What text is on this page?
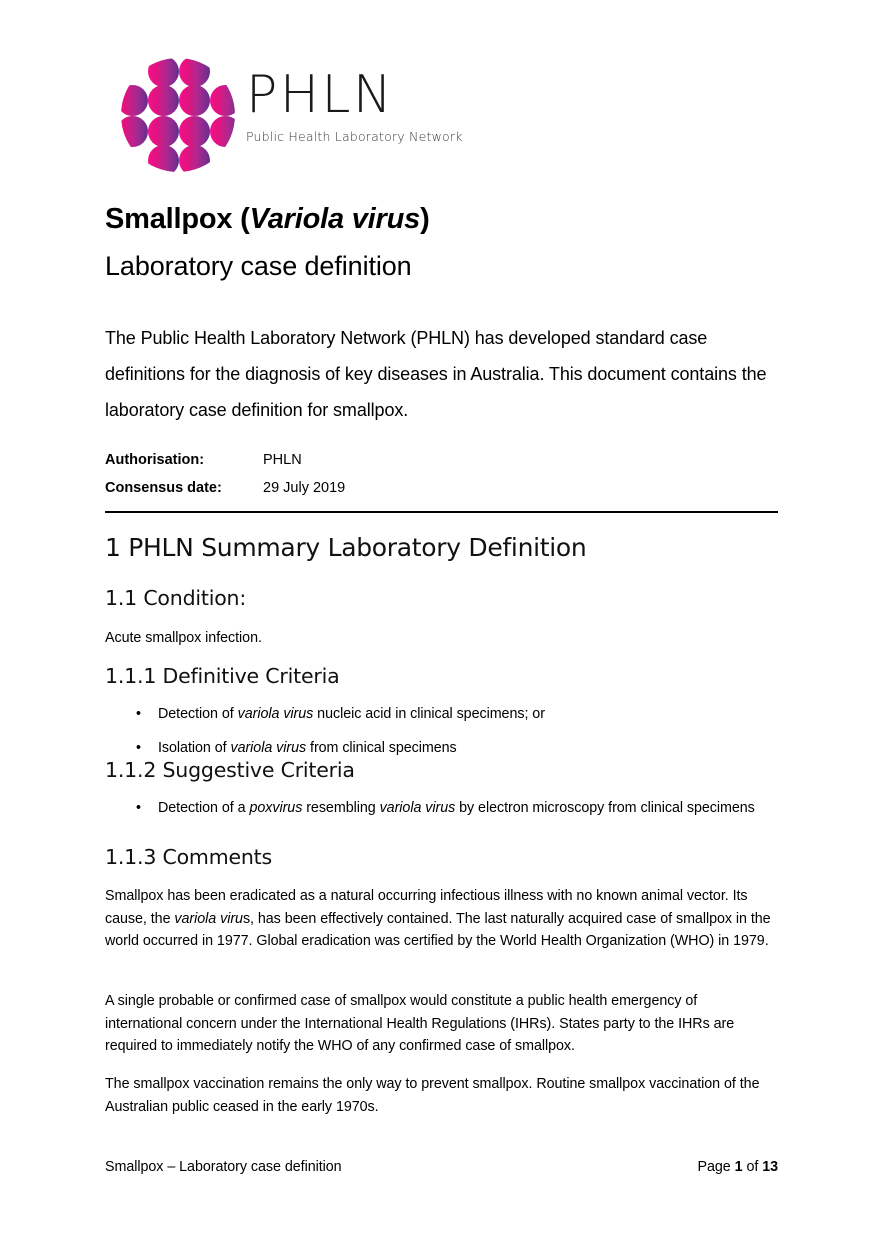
PHLN
Public Health Laboratory Network
Smallpox (Variola virus)
Laboratory case definition
The Public Health Laboratory Network (PHLN) has developed standard case definitions for the diagnosis of key diseases in Australia. This document contains the laboratory case definition for smallpox.
Authorisation:	PHLN
Consensus date:	29 July 2019
1 PHLN Summary Laboratory Definition
1.1 Condition:
Acute smallpox infection.
1.1.1 Definitive Criteria
• Detection of variola virus nucleic acid in clinical specimens; or
• Isolation of variola virus from clinical specimens
1.1.2 Suggestive Criteria
• Detection of a poxvirus resembling variola virus by electron microscopy from clinical specimens
1.1.3 Comments
Smallpox has been eradicated as a natural occurring infectious illness with no known animal vector. Its cause, the variola virus, has been effectively contained. The last naturally acquired case of smallpox in the world occurred in 1977. Global eradication was certified by the World Health Organization (WHO) in 1979.
A single probable or confirmed case of smallpox would constitute a public health emergency of international concern under the International Health Regulations (IHRs). States party to the IHRs are required to immediately notify the WHO of any confirmed case of smallpox.
The smallpox vaccination remains the only way to prevent smallpox. Routine smallpox vaccination of the Australian public ceased in the early 1970s.
Smallpox – Laboratory case definition	Page 1 of 13
